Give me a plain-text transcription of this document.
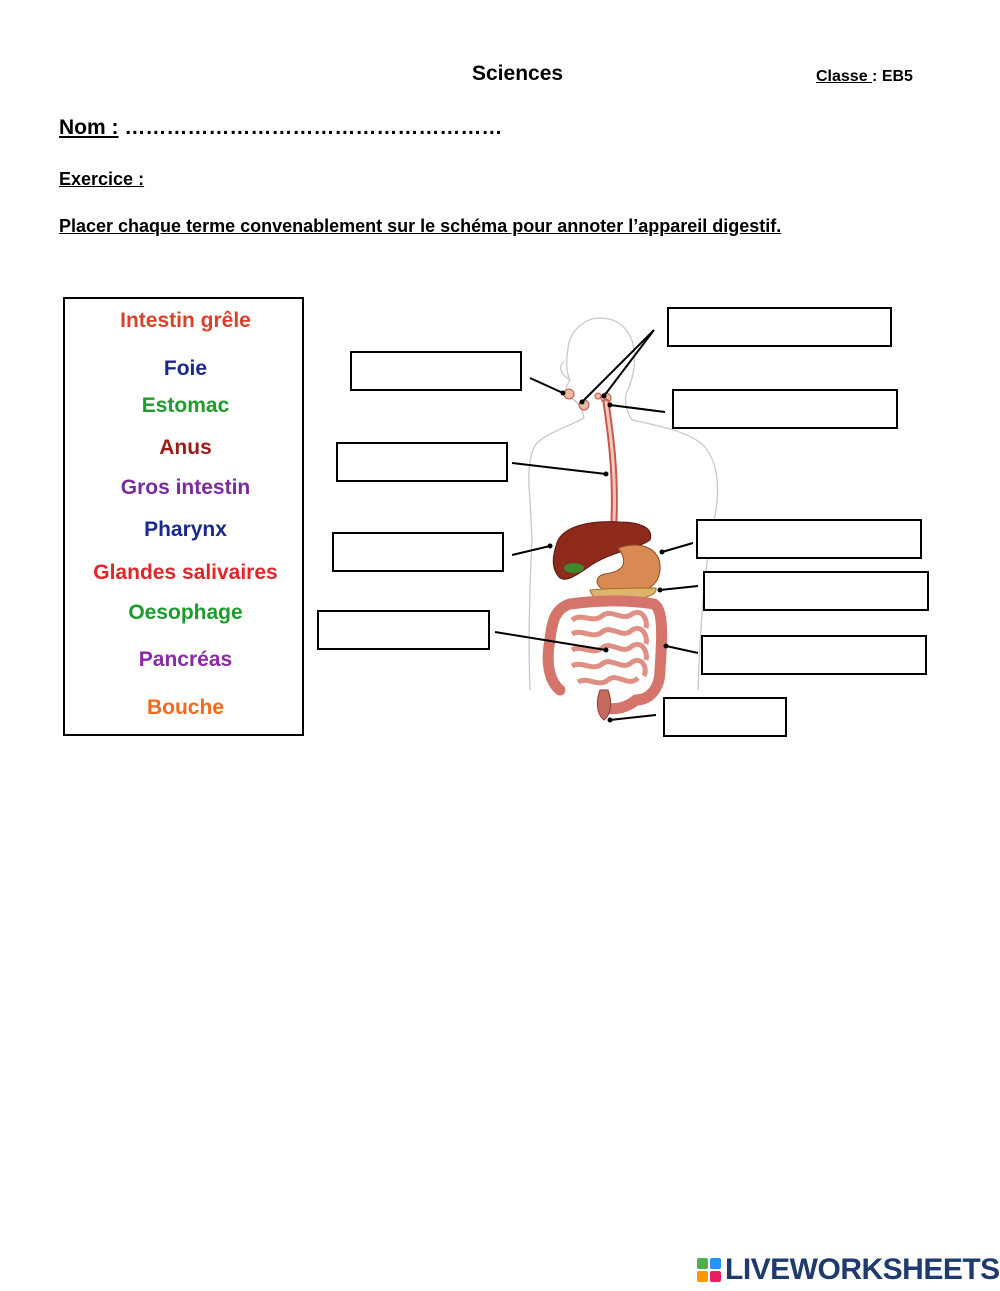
Sciences	Classe : EB5
Nom : ………………………………………………
Exercice :
Placer chaque terme convenablement sur le schéma pour annoter l’appareil digestif.
Intestin grêle
Foie
Estomac
Anus
Gros intestin
Pharynx
Glandes salivaires
Oesophage
Pancréas
Bouche
LIVEWORKSHEETS
